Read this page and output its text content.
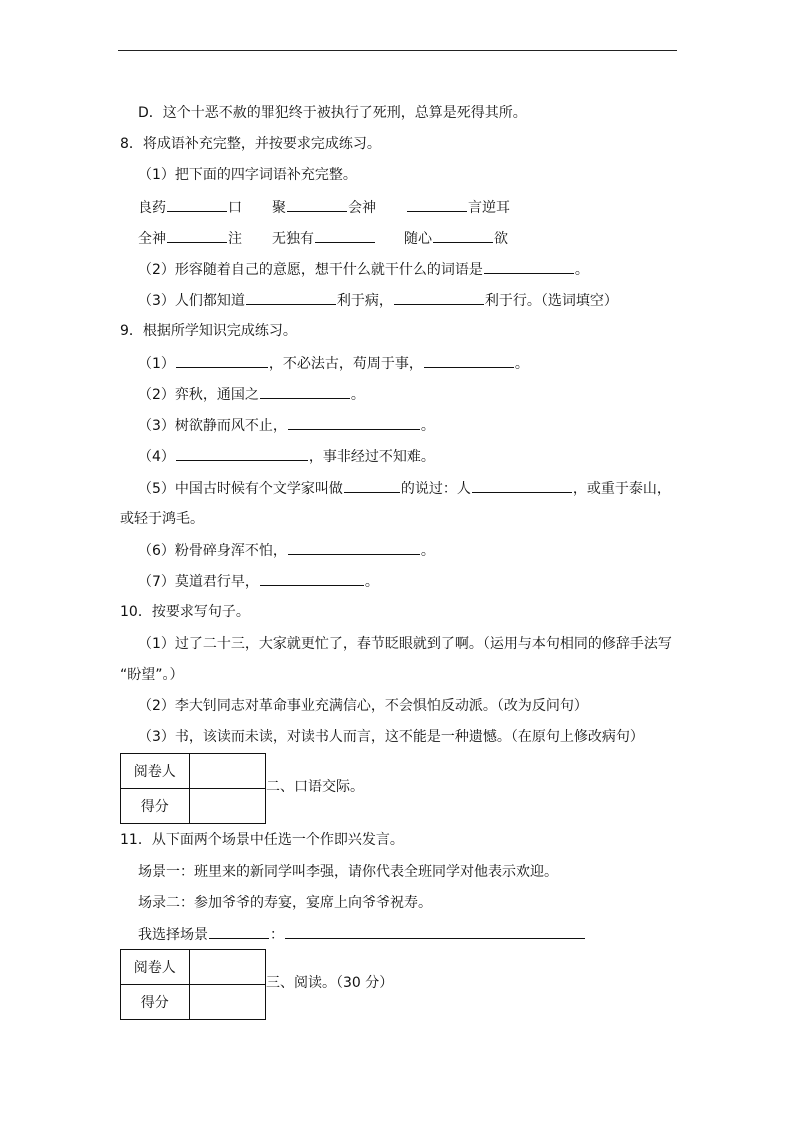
D．这个十恶不赦的罪犯终于被执行了死刑，总算是死得其所。
8．将成语补充完整，并按要求完成练习。
（1）把下面的四字词语补充完整。
良药	口 聚	会神	言逆耳
全神	注 无独有	随心	欲
（2）形容随着自己的意愿，想干什么就干什么的词语是	。
（3）人们都知道	利于病，	利于行。（选词填空）
9．根据所学知识完成练习。
（1）	，不必法古，苟周于事，	。
（2）弈秋，通国之	。
（3）树欲静而风不止，	。
（4）	，事非经过不知难。
（5）中国古时候有个文学家叫做	的说过：人	，或重于泰山，
或轻于鸿毛。
（6）粉骨碎身浑不怕，	。
（7）莫道君行早，	。
10．按要求写句子。
（1）过了二十三，大家就更忙了，春节眨眼就到了啊。（运用与本句相同的修辞手法写
“盼望”。）
（2）李大钊同志对革命事业充满信心，不会惧怕反动派。（改为反问句）
（3）书，该读而未读，对读书人而言，这不能是一种遗憾。（在原句上修改病句）
阅卷人	
得分	
二、口语交际。
11．从下面两个场景中任选一个作即兴发言。
场景一：班里来的新同学叫李强，请你代表全班同学对他表示欢迎。
场录二：参加爷爷的寿宴，宴席上向爷爷祝寿。
我选择场景	：
阅卷人	
得分	
三、阅读。（30 分）
